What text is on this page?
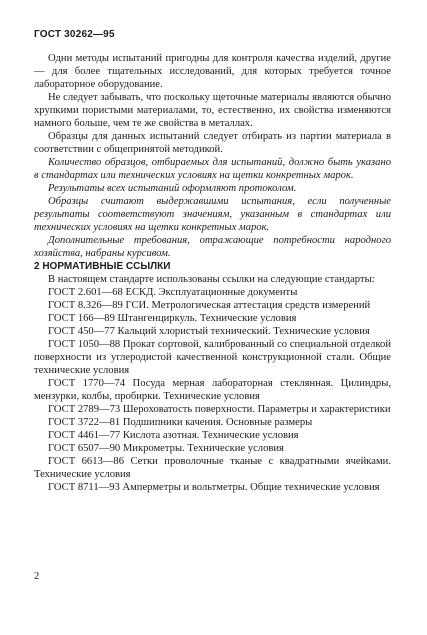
ГОСТ 30262—95

Одни методы испытаний пригодны для контроля качества изделий, другие — для более тщательных исследований, для которых требуется точное лабораторное оборудование.

Не следует забывать, что поскольку щеточные материалы являются обычно хрупкими пористыми материалами, то, естественно, их свойства изменяются намного больше, чем те же свойства в металлах.

Образцы для данных испытаний следует отбирать из партии материала в соответствии с общепринятой методикой.

Количество образцов, отбираемых для испытаний, должно быть указано в стандартах или технических условиях на щетки конкретных марок.

Результаты всех испытаний оформляют протоколом.

Образцы считают выдержавшими испытания, если полученные результаты соответствуют значениям, указанным в стандартах или технических условиях на щетки конкретных марок.

Дополнительные требования, отражающие потребности народного хозяйства, набраны курсивом.

2 НОРМАТИВНЫЕ ССЫЛКИ

В настоящем стандарте использованы ссылки на следующие стандарты:

ГОСТ 2.601—68 ЕСКД. Эксплуатационные документы

ГОСТ 8.326—89 ГСИ. Метрологическая аттестация средств измерений

ГОСТ 166—89 Штангенциркуль. Технические условия

ГОСТ 450—77 Кальций хлористый технический. Технические условия

ГОСТ 1050—88 Прокат сортовой, калиброванный со специальной отделкой поверхности из углеродистой качественной конструкционной стали. Общие технические условия

ГОСТ 1770—74 Посуда мерная лабораторная стеклянная. Цилиндры, мензурки, колбы, пробирки. Технические условия

ГОСТ 2789—73 Шероховатость поверхности. Параметры и характеристики

ГОСТ 3722—81 Подшипники качения. Основные размеры

ГОСТ 4461—77 Кислота азотная. Технические условия

ГОСТ 6507—90 Микрометры. Технические условия

ГОСТ 6613—86 Сетки проволочные тканые с квадратными ячейками. Технические условия

ГОСТ 8711—93 Амперметры и вольтметры. Общие технические условия

2
